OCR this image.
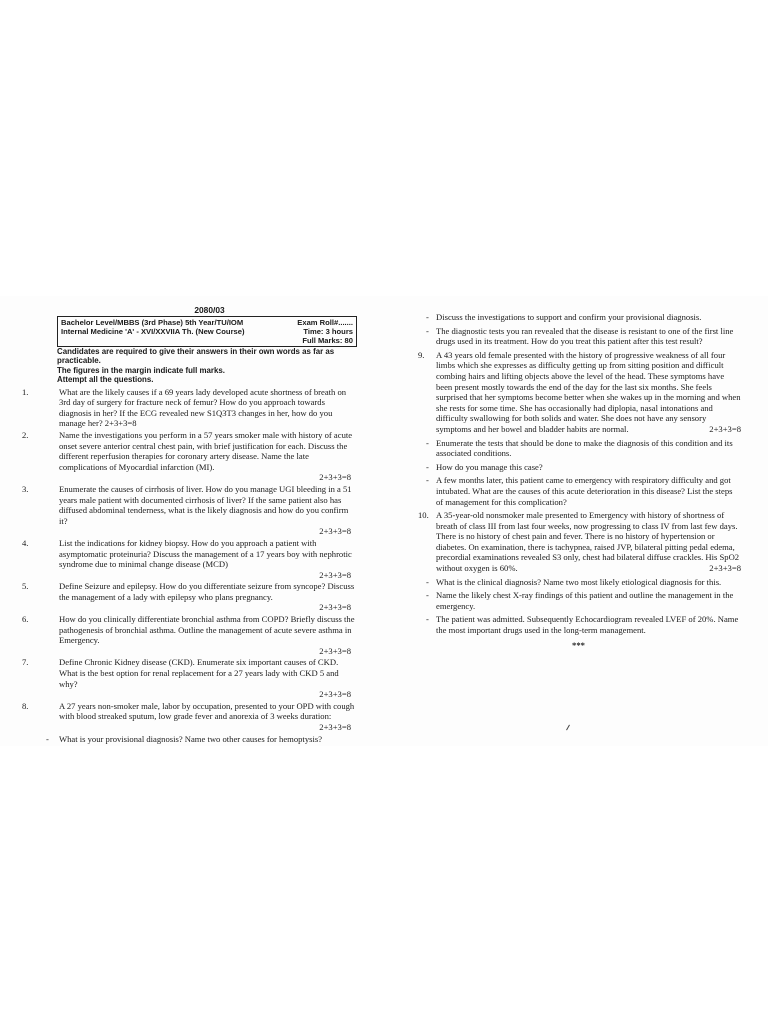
2080/03
Bachelor Level/MBBS (3rd Phase) 5th Year/TU/IOM	Exam Roll#.......
Internal Medicine 'A' - XVI/XXVIIA Th. (New Course)	Time: 3 hours
Full Marks: 80
Candidates are required to give their answers in their own words as far as practicable.
The figures in the margin indicate full marks.
Attempt all the questions.
1.	What are the likely causes if a 69 years lady developed acute shortness of breath on 3rd day of surgery for fracture neck of femur? How do you approach towards diagnosis in her? If the ECG revealed new S1Q3T3 changes in her, how do you manage her? 2+3+3=8
2.	Name the investigations you perform in a 57 years smoker male with history of acute onset severe anterior central chest pain, with brief justification for each. Discuss the different reperfusion therapies for coronary artery disease. Name the late complications of Myocardial infarction (MI).
2+3+3=8
3.	Enumerate the causes of cirrhosis of liver. How do you manage UGI bleeding in a 51 years male patient with documented cirrhosis of liver? If the same patient also has diffused abdominal tenderness, what is the likely diagnosis and how do you confirm it?
2+3+3=8
4.	List the indications for kidney biopsy. How do you approach a patient with asymptomatic proteinuria? Discuss the management of a 17 years boy with nephrotic syndrome due to minimal change disease (MCD)
2+3+3=8
5.	Define Seizure and epilepsy. How do you differentiate seizure from syncope? Discuss the management of a lady with epilepsy who plans pregnancy.
2+3+3=8
6.	How do you clinically differentiate bronchial asthma from COPD? Briefly discuss the pathogenesis of bronchial asthma. Outline the management of acute severe asthma in Emergency.
2+3+3=8
7.	Define Chronic Kidney disease (CKD). Enumerate six important causes of CKD. What is the best option for renal replacement for a 27 years lady with CKD 5 and why?
2+3+3=8
8.	A 27 years non-smoker male, labor by occupation, presented to your OPD with cough with blood streaked sputum, low grade fever and anorexia of 3 weeks duration:
2+3+3=8
- What is your provisional diagnosis? Name two other causes for hemoptysis?
- Discuss the investigations to support and confirm your provisional diagnosis.
- The diagnostic tests you ran revealed that the disease is resistant to one of the first line drugs used in its treatment. How do you treat this patient after this test result?
9.	A 43 years old female presented with the history of progressive weakness of all four limbs which she expresses as difficulty getting up from sitting position and difficult combing hairs and lifting objects above the level of the head. These symptoms have been present mostly towards the end of the day for the last six months. She feels surprised that her symptoms become better when she wakes up in the morning and when she rests for some time. She has occasionally had diplopia, nasal intonations and difficulty swallowing for both solids and water. She does not have any sensory symptoms and her bowel and bladder habits are normal.	2+3+3=8
- Enumerate the tests that should be done to make the diagnosis of this condition and its associated conditions.
- How do you manage this case?
- A few months later, this patient came to emergency with respiratory difficulty and got intubated. What are the causes of this acute deterioration in this disease? List the steps of management for this complication?
10. A 35-year-old nonsmoker male presented to Emergency with history of shortness of breath of class III from last four weeks, now progressing to class IV from last few days. There is no history of chest pain and fever. There is no history of hypertension or diabetes. On examination, there is tachypnea, raised JVP, bilateral pitting pedal edema, precordial examinations revealed S3 only, chest had bilateral diffuse crackles. His SpO2 without oxygen is 60%.	2+3+3=8
- What is the clinical diagnosis? Name two most likely etiological diagnosis for this.
- Name the likely chest X-ray findings of this patient and outline the management in the emergency.
- The patient was admitted. Subsequently Echocardiogram revealed LVEF of 20%. Name the most important drugs used in the long-term management.
***
